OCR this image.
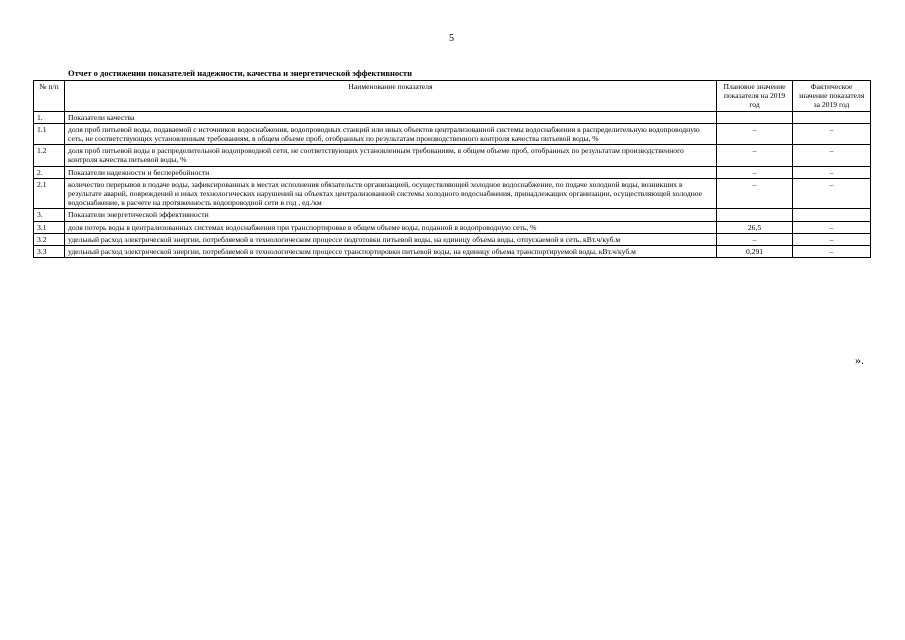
5
Отчет о достижении показателей надежности, качества и энергетической эффективности
№ п/п	Наименование показателя	Плановое значение показателя на 2019 год	Фактическое значение показателя за 2019 год
1.	Показатели качества		
1.1	доля проб питьевой воды, подаваемой с источников водоснабжения, водопроводных станций или иных объектов централизованной системы водоснабжения в распределительную водопроводную сеть, не соответствующих установленным требованиям, в общем объеме проб, отобранных по результатам производственного контроля качества питьевой воды, %	–	–
1.2	доля проб питьевой воды в распределительной водопроводной сети, не соответствующих установленным требованиям, в общем объеме проб, отобранных по результатам производственного контроля качества питьевой воды, %	–	–
2.	Показатели надежности и бесперебойности	–	–
2.1	количество перерывов в подаче воды, зафиксированных в местах исполнения обязательств организацией, осуществляющей холодное водоснабжение, по подаче холодной воды, возникших в результате аварий, повреждений и иных технологических нарушений на объектах централизованной системы холодного водоснабжения, принадлежащих организации, осуществляющей холодное водоснабжение, в расчете на протяженность водопроводной сети в год , ед./км	–	–
3.	Показатели энергетической эффективности		
3.1	доля потерь воды в централизованных системах водоснабжения при транспортировке в общем объеме воды, поданной в водопроводную сеть, %	26,5	–
3.2	удельный расход электрической энергии, потребляемой в технологическом процессе подготовки питьевой воды, на единицу объема воды, отпускаемой в сеть, кВт.ч/куб.м	–	–
3.3	удельный расход электрической энергии, потребляемой в технологическом процессе транспортировки питьевой воды, на единицу объема транспортируемой воды, кВт.ч/куб.м	0,291	–
».
